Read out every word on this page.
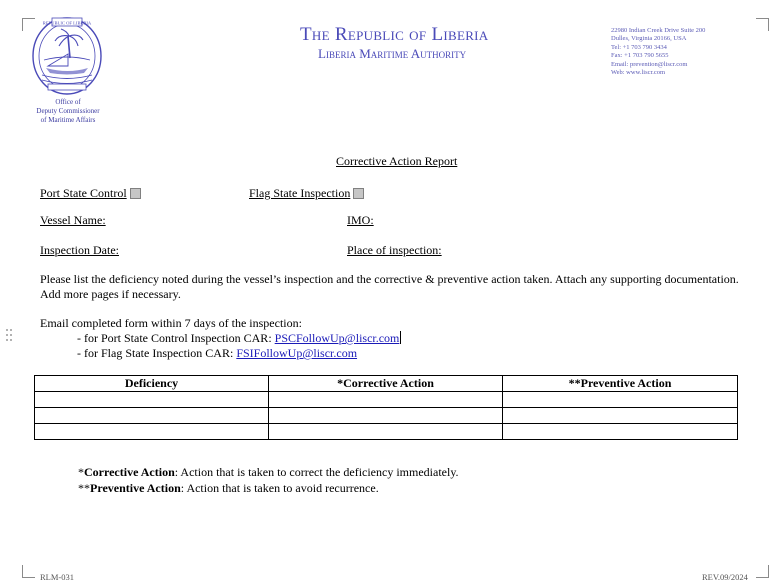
REPUBLIC OF LIBERIA
Office of
Deputy Commissioner
of Maritime Affairs
The Republic of Liberia
Liberia Maritime Authority
22980 Indian Creek Drive Suite 200
Dulles, Virginia 20166, USA
Tel: +1 703 790 3434
Fax: +1 703 790 5655
Email: prevention@liscr.com
Web: www.liscr.com
Corrective Action Report
Port State Control	Flag State Inspection
Vessel Name:	IMO:
Inspection Date:	Place of inspection:
Please list the deficiency noted during the vessel’s inspection and the corrective & preventive action taken. Attach any supporting documentation. Add more pages if necessary.
Email completed form within 7 days of the inspection:
- for Port State Control Inspection CAR: PSCFollowUp@liscr.com
- for Flag State Inspection CAR: FSIFollowUp@liscr.com
Deficiency	*Corrective Action	**Preventive Action

*Corrective Action: Action that is taken to correct the deficiency immediately.
**Preventive Action: Action that is taken to avoid recurrence.
RLM-031	REV.09/2024
